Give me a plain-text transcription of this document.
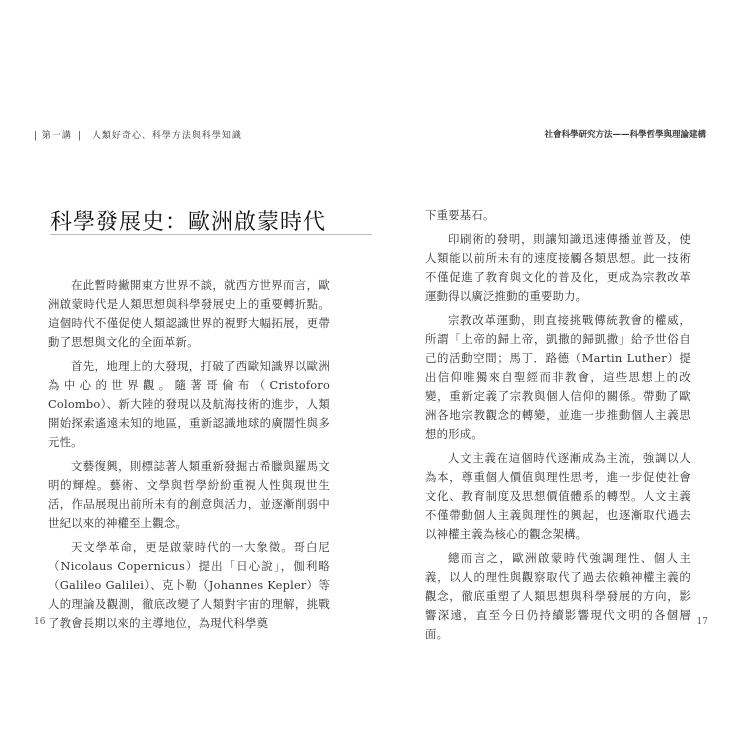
| 第一講 | 人類好奇心、科學方法與科學知識
科學發展史：歐洲啟蒙時代

在此暫時撇開東方世界不談，就西方世界而言，歐洲啟蒙時代是人類思想與科學發展史上的重要轉折點。這個時代不僅促使人類認識世界的視野大幅拓展，更帶動了思想與文化的全面革新。

首先，地理上的大發現，打破了西歐知識界以歐洲為中心的世界觀。隨著哥倫布（Cristoforo Colombo）、新大陸的發現以及航海技術的進步，人類開始探索遙遠未知的地區，重新認識地球的廣闊性與多元性。

文藝復興，則標誌著人類重新發掘古希臘與羅馬文明的輝煌。藝術、文學與哲學紛紛重視人性與現世生活，作品展現出前所未有的創意與活力，並逐漸削弱中世紀以來的神權至上觀念。

天文學革命，更是啟蒙時代的一大象徵。哥白尼（Nicolaus Copernicus）提出「日心說」，伽利略（Galileo Galilei）、克卜勒（Johannes Kepler）等人的理論及觀測，徹底改變了人類對宇宙的理解，挑戰了教會長期以來的主導地位，為現代科學奠

16
社會科學研究方法——科學哲學與理論建構

下重要基石。

印刷術的發明，則讓知識迅速傳播並普及，使人類能以前所未有的速度接觸各類思想。此一技術不僅促進了教育與文化的普及化，更成為宗教改革運動得以廣泛推動的重要助力。

宗教改革運動，則直接挑戰傳統教會的權威，所謂「上帝的歸上帝，凱撒的歸凱撒」給予世俗自己的活動空間；馬丁．路德（Martin Luther）提出信仰唯獨來自聖經而非教會，這些思想上的改變，重新定義了宗教與個人信仰的關係。帶動了歐洲各地宗教觀念的轉變，並進一步推動個人主義思想的形成。

人文主義在這個時代逐漸成為主流，強調以人為本，尊重個人價值與理性思考，進一步促使社會文化、教育制度及思想價值體系的轉型。人文主義不僅帶動個人主義與理性的興起，也逐漸取代過去以神權主義為核心的觀念架構。

總而言之，歐洲啟蒙時代強調理性、個人主義，以人的理性與觀察取代了過去依賴神權主義的觀念，徹底重塑了人類思想與科學發展的方向，影響深遠，直至今日仍持續影響現代文明的各個層面。

17
